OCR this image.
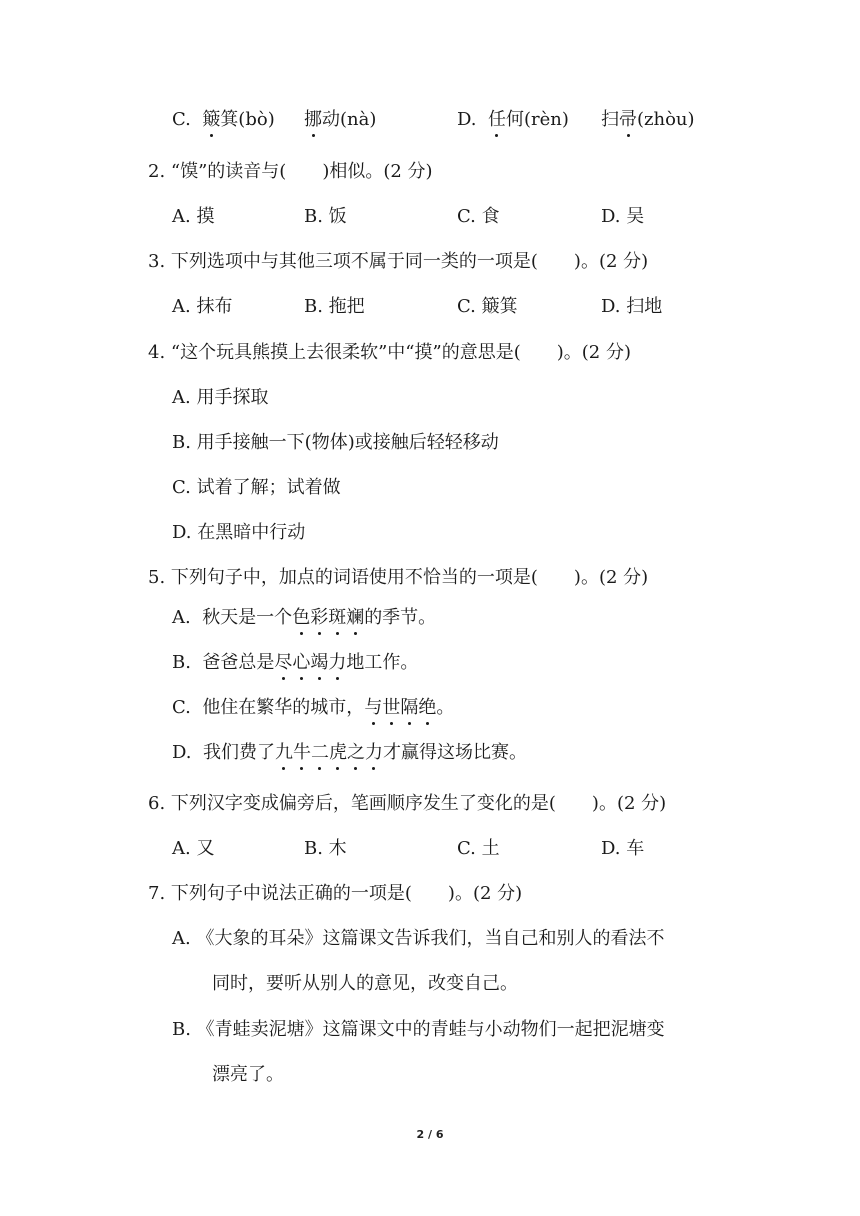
C. 簸箕(bò) 挪动(nà)	D. 任何(rèn) 扫帚(zhòu)
2. “馍”的读音与(　　)相似。(2 分)
A. 摸	B. 饭	C. 食	D. 吴
3. 下列选项中与其他三项不属于同一类的一项是(　　)。(2 分)
A. 抹布	B. 拖把	C. 簸箕	D. 扫地
4. “这个玩具熊摸上去很柔软”中“摸”的意思是(　　)。(2 分)
A. 用手探取
B. 用手接触一下(物体)或接触后轻轻移动
C. 试着了解；试着做
D. 在黑暗中行动
5. 下列句子中，加点的词语使用不恰当的一项是(　　)。(2 分)
A. 秋天是一个色彩斑斓的季节。
B. 爸爸总是尽心竭力地工作。
C. 他住在繁华的城市，与世隔绝。
D. 我们费了九牛二虎之力才赢得这场比赛。
6. 下列汉字变成偏旁后，笔画顺序发生了变化的是(　　)。(2 分)
A. 又	B. 木	C. 土	D. 车
7. 下列句子中说法正确的一项是(　　)。(2 分)
A. 《大象的耳朵》这篇课文告诉我们，当自己和别人的看法不
同时，要听从别人的意见，改变自己。
B. 《青蛙卖泥塘》这篇课文中的青蛙与小动物们一起把泥塘变
漂亮了。
2 / 6
